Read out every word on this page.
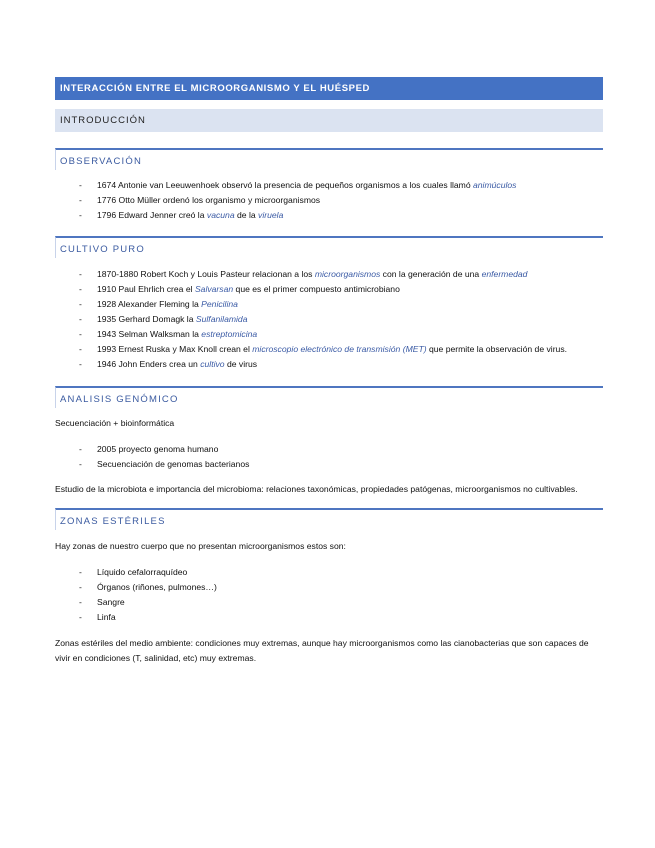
INTERACCIÓN ENTRE EL MICROORGANISMO Y EL HUÉSPED
INTRODUCCIÓN
OBSERVACIÓN
- 1674 Antonie van Leeuwenhoek observó la presencia de pequeños organismos a los cuales llamó animúculos
- 1776 Otto Müller ordenó los organismo y microorganismos
- 1796 Edward Jenner creó la vacuna de la viruela
CULTIVO PURO
- 1870-1880 Robert Koch y Louis Pasteur relacionan a los microorganismos con la generación de una enfermedad
- 1910 Paul Ehrlich crea el Salvarsan que es el primer compuesto antimicrobiano
- 1928 Alexander Fleming la Penicilina
- 1935 Gerhard Domagk la Sulfanilamida
- 1943 Selman Walksman la estreptomicina
- 1993 Ernest Ruska y Max Knoll crean el microscopio electrónico de transmisión (MET) que permite la observación de virus.
- 1946 John Enders crea un cultivo de virus
ANALISIS GENÓMICO

Secuenciación + bioinformática

- 2005 proyecto genoma humano
- Secuenciación de genomas bacterianos

Estudio de la microbiota e importancia del microbioma: relaciones taxonómicas, propiedades patógenas, microorganismos no cultivables.

ZONAS ESTÉRILES

Hay zonas de nuestro cuerpo que no presentan microorganismos estos son:

- Líquido cefalorraquídeo
- Órganos (riñones, pulmones…)
- Sangre
- Linfa

Zonas estériles del medio ambiente: condiciones muy extremas, aunque hay microorganismos como las cianobacterias que son capaces de vivir en condiciones (T, salinidad, etc) muy extremas.
